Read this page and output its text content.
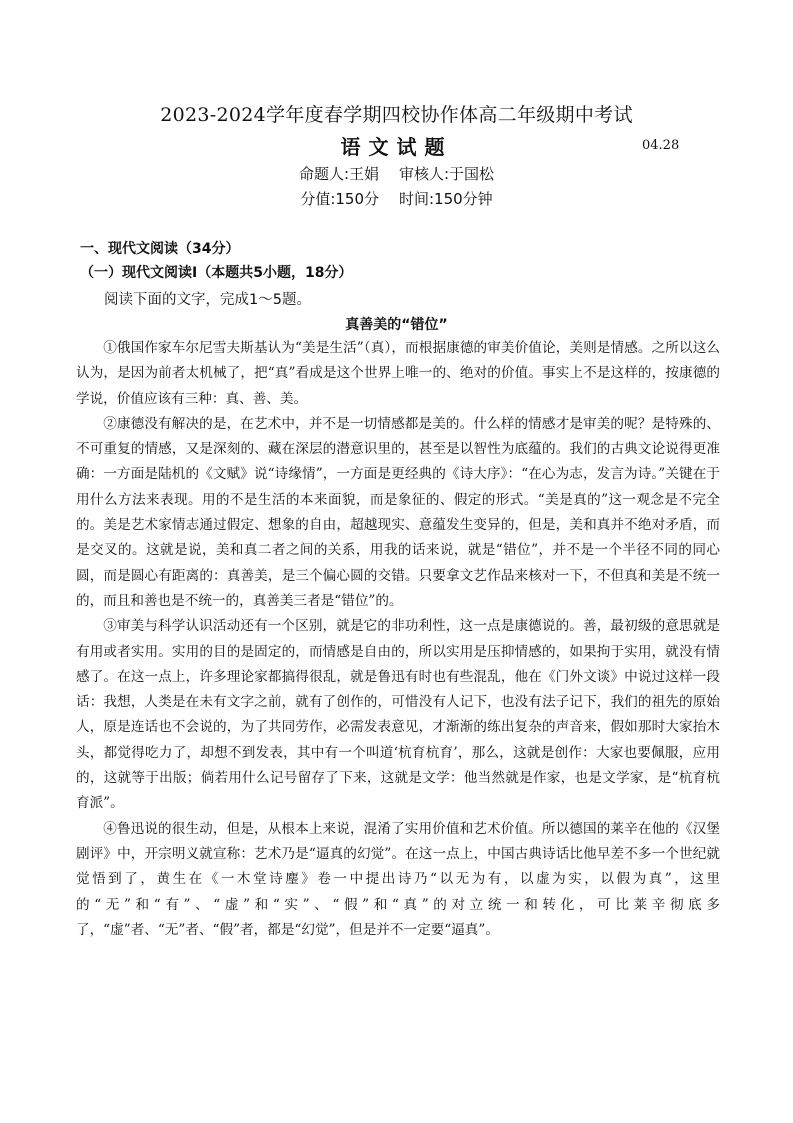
2023-2024学年度春学期四校协作体高二年级期中考试
语文试题	04.28
命题人:王娟 审核人:于国松
分值:150分 时间:150分钟
一、现代文阅读（34分）
（一）现代文阅读Ⅰ（本题共5小题，18分）
阅读下面的文字，完成1～5题。
真善美的“错位”

①俄国作家车尔尼雪夫斯基认为“美是生活”（真），而根据康德的审美价值论，美则是情感。之所以这么认为，是因为前者太机械了，把“真”看成是这个世界上唯一的、绝对的价值。事实上不是这样的，按康德的学说，价值应该有三种：真、善、美。

②康德没有解决的是，在艺术中，并不是一切情感都是美的。什么样的情感才是审美的呢？是特殊的、不可重复的情感，又是深刻的、藏在深层的潜意识里的，甚至是以智性为底蕴的。我们的古典文论说得更准确：一方面是陆机的《文赋》说“诗缘情”，一方面是更经典的《诗大序》：“在心为志，发言为诗。”关键在于用什么方法来表现。用的不是生活的本来面貌，而是象征的、假定的形式。“美是真的”这一观念是不完全的。美是艺术家情志通过假定、想象的自由，超越现实、意蕴发生变异的，但是，美和真并不绝对矛盾，而是交叉的。这就是说，美和真二者之间的关系，用我的话来说，就是“错位”，并不是一个半径不同的同心圆，而是圆心有距离的：真善美，是三个偏心圆的交错。只要拿文艺作品来核对一下，不但真和美是不统一的，而且和善也是不统一的，真善美三者是“错位”的。

③审美与科学认识活动还有一个区别，就是它的非功利性，这一点是康德说的。善，最初级的意思就是有用或者实用。实用的目的是固定的，而情感是自由的，所以实用是压抑情感的，如果拘于实用，就没有情感了。在这一点上，许多理论家都搞得很乱，就是鲁迅有时也有些混乱，他在《门外文谈》中说过这样一段话：我想，人类是在未有文字之前，就有了创作的，可惜没有人记下，也没有法子记下，我们的祖先的原始人，原是连话也不会说的，为了共同劳作，必需发表意见，才渐渐的练出复杂的声音来，假如那时大家抬木头，都觉得吃力了，却想不到发表，其中有一个叫道‘杭育杭育’，那么，这就是创作：大家也要佩服，应用的，这就等于出版；倘若用什么记号留存了下来，这就是文学：他当然就是作家，也是文学家，是“杭育杭育派”。

④鲁迅说的很生动，但是，从根本上来说，混淆了实用价值和艺术价值。所以德国的莱辛在他的《汉堡剧评》中，开宗明义就宣称：艺术乃是“逼真的幻觉”。在这一点上，中国古典诗话比他早差不多一个世纪就觉悟到了，黄生在《一木堂诗麈》卷一中提出诗乃“以无为有，以虚为实，以假为真”，这里的“无”和“有”、“虚”和“实”、“假”和“真”的对立统一和转化，可比莱辛彻底多了，“虚”者、“无”者、“假”者，都是“幻觉”，但是并不一定要“逼真”。
